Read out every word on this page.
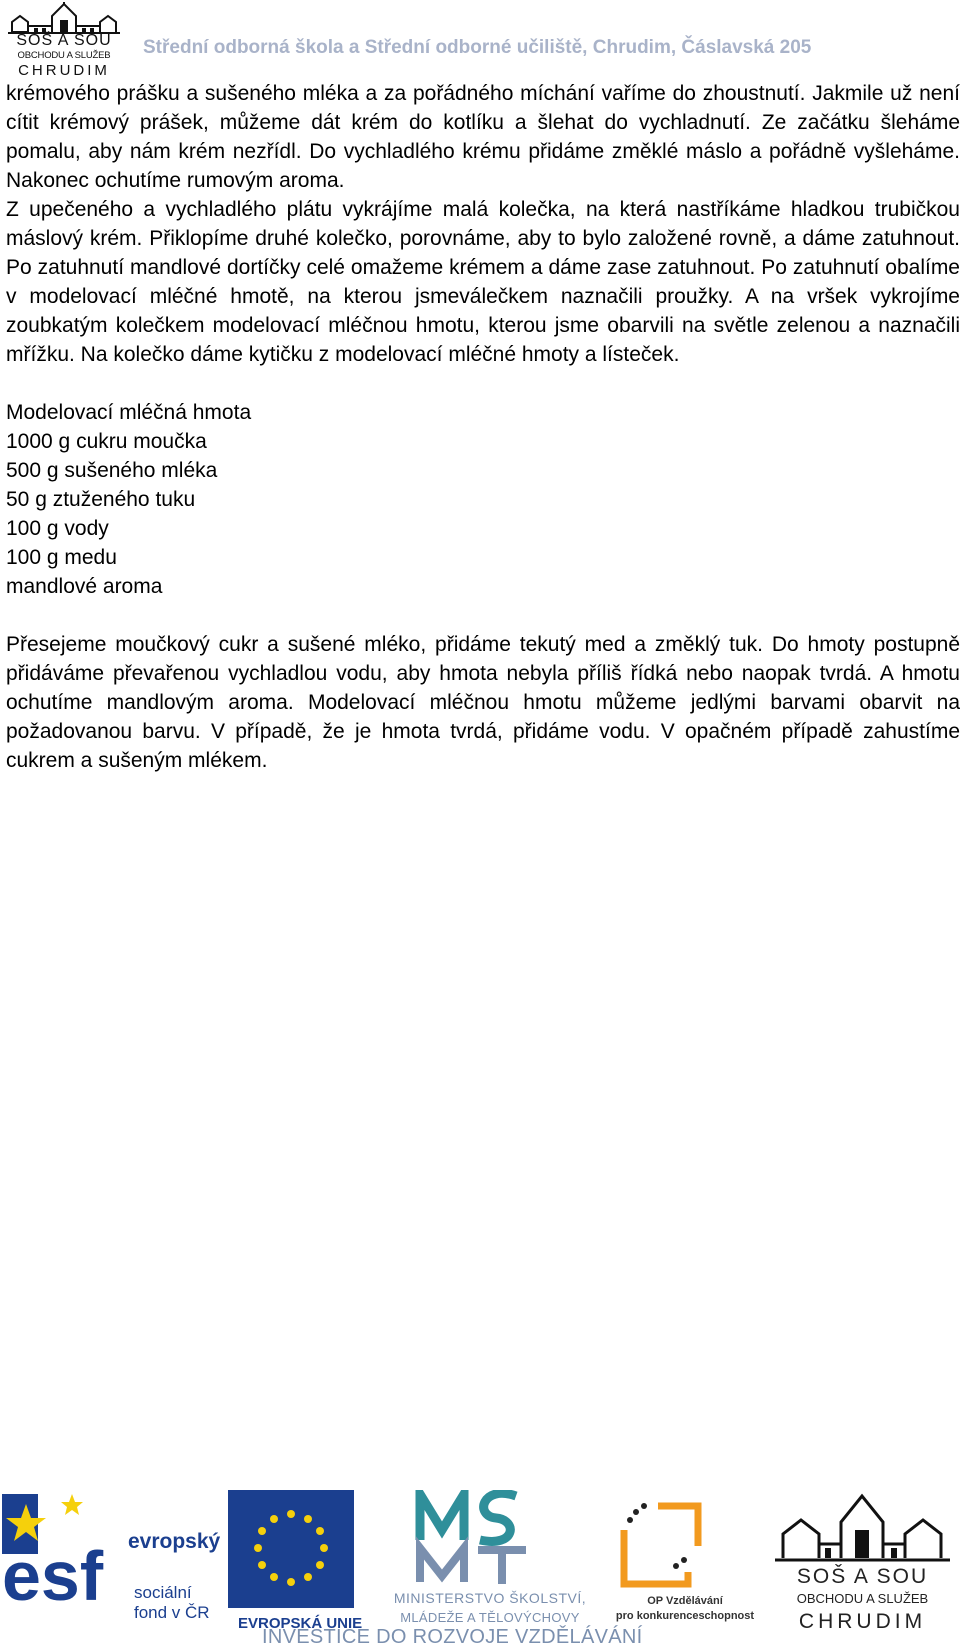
SOŠ A SOU
OBCHODU A SLUŽEB
CHRUDIM
Střední odborná škola a Střední odborné učiliště, Chrudim, Čáslavská 205

krémového prášku a sušeného mléka a za pořádného míchání vaříme do zhoustnutí. Jakmile už není cítit krémový prášek, můžeme dát krém do kotlíku a šlehat do vychladnutí. Ze začátku šleháme pomalu, aby nám krém nezřídl. Do vychladlého krému přidáme změklé máslo a pořádně vyšleháme. Nakonec ochutíme rumovým aroma.

Z upečeného a vychladlého plátu vykrájíme malá kolečka, na která nastříkáme hladkou trubičkou máslový krém. Přiklopíme druhé kolečko, porovnáme, aby to bylo založené rovně, a dáme zatuhnout. Po zatuhnutí mandlové dortíčky celé omažeme krémem a dáme zase zatuhnout. Po zatuhnutí obalíme v modelovací mléčné hmotě, na kterou jsmeválečkem naznačili proužky. A na vršek vykrojíme zoubkatým kolečkem modelovací mléčnou hmotu, kterou jsme obarvili na světle zelenou a naznačili mřížku. Na kolečko dáme kytičku z modelovací mléčné hmoty a lísteček.

Modelovací mléčná hmota
1000 g cukru moučka
500 g sušeného mléka
50 g ztuženého tuku
100 g vody
100 g medu
mandlové aroma

Přesejeme moučkový cukr a sušené mléko, přidáme tekutý med a změklý tuk. Do hmoty postupně přidáváme převařenou vychladlou vodu, aby hmota nebyla příliš řídká nebo naopak tvrdá. A hmotu ochutíme mandlovým aroma. Modelovací mléčnou hmotu můžeme jedlými barvami obarvit na požadovanou barvu. V případě, že je hmota tvrdá, přidáme vodu. V opačném případě zahustíme cukrem a sušeným mlékem.

esf evropský
sociální
fond v ČR
EVROPSKÁ UNIE
MINISTERSTVO ŠKOLSTVÍ,
MLÁDEŽE A TĚLOVÝCHOVY
OP Vzdělávání
pro konkurenceschopnost
SOŠ A SOU
OBCHODU A SLUŽEB
CHRUDIM
INVESTICE DO ROZVOJE VZDĚLÁVÁNÍ
